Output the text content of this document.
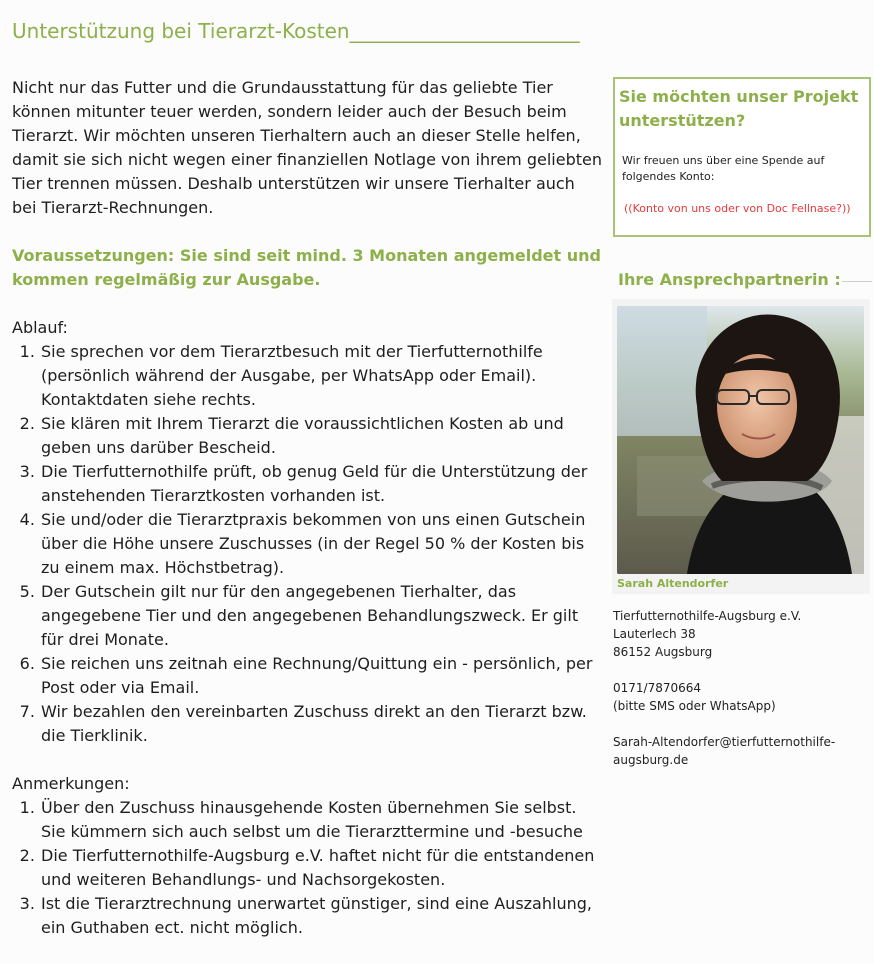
Unterstützung bei Tierarzt-Kosten_______________________

Nicht nur das Futter und die Grundausstattung für das geliebte Tier können mitunter teuer werden, sondern leider auch der Besuch beim Tierarzt. Wir möchten unseren Tierhaltern auch an dieser Stelle helfen, damit sie sich nicht wegen einer finanziellen Notlage von ihrem geliebten Tier trennen müssen. Deshalb unterstützen wir unsere Tierhalter auch bei Tierarzt-Rechnungen.

Voraussetzungen: Sie sind seit mind. 3 Monaten angemeldet und kommen regelmäßig zur Ausgabe.

Ablauf:

1. Sie sprechen vor dem Tierarztbesuch mit der Tierfutternothilfe (persönlich während der Ausgabe, per WhatsApp oder Email). Kontaktdaten siehe rechts.
2. Sie klären mit Ihrem Tierarzt die voraussichtlichen Kosten ab und geben uns darüber Bescheid.
3. Die Tierfutternothilfe prüft, ob genug Geld für die Unterstützung der anstehenden Tierarztkosten vorhanden ist.
4. Sie und/oder die Tierarztpraxis bekommen von uns einen Gutschein über die Höhe unsere Zuschusses (in der Regel 50 % der Kosten bis zu einem max. Höchstbetrag).
5. Der Gutschein gilt nur für den angegebenen Tierhalter, das angegebene Tier und den angegebenen Behandlungszweck. Er gilt für drei Monate.
6. Sie reichen uns zeitnah eine Rechnung/Quittung ein - persönlich, per Post oder via Email.
7. Wir bezahlen den vereinbarten Zuschuss direkt an den Tierarzt bzw. die Tierklinik.

Anmerkungen:

1. Über den Zuschuss hinausgehende Kosten übernehmen Sie selbst. Sie kümmern sich auch selbst um die Tierarzttermine und -besuche
2. Die Tierfutternothilfe-Augsburg e.V. haftet nicht für die entstandenen und weiteren Behandlungs- und Nachsorgekosten.
3. Ist die Tierarztrechnung unerwartet günstiger, sind eine Auszahlung, ein Guthaben ect. nicht möglich.
Sie möchten unser Projekt unterstützen?
Wir freuen uns über eine Spende auf folgendes Konto:
((Konto von uns oder von Doc Fellnase?))
Ihre Ansprechpartnerin :
Sarah Altendorfer
Tierfutternothilfe-Augsburg e.V.
Lauterlech 38
86152 Augsburg
0171/7870664
(bitte SMS oder WhatsApp)
Sarah-Altendorfer@tierfutternothilfe-
augsburg.de
